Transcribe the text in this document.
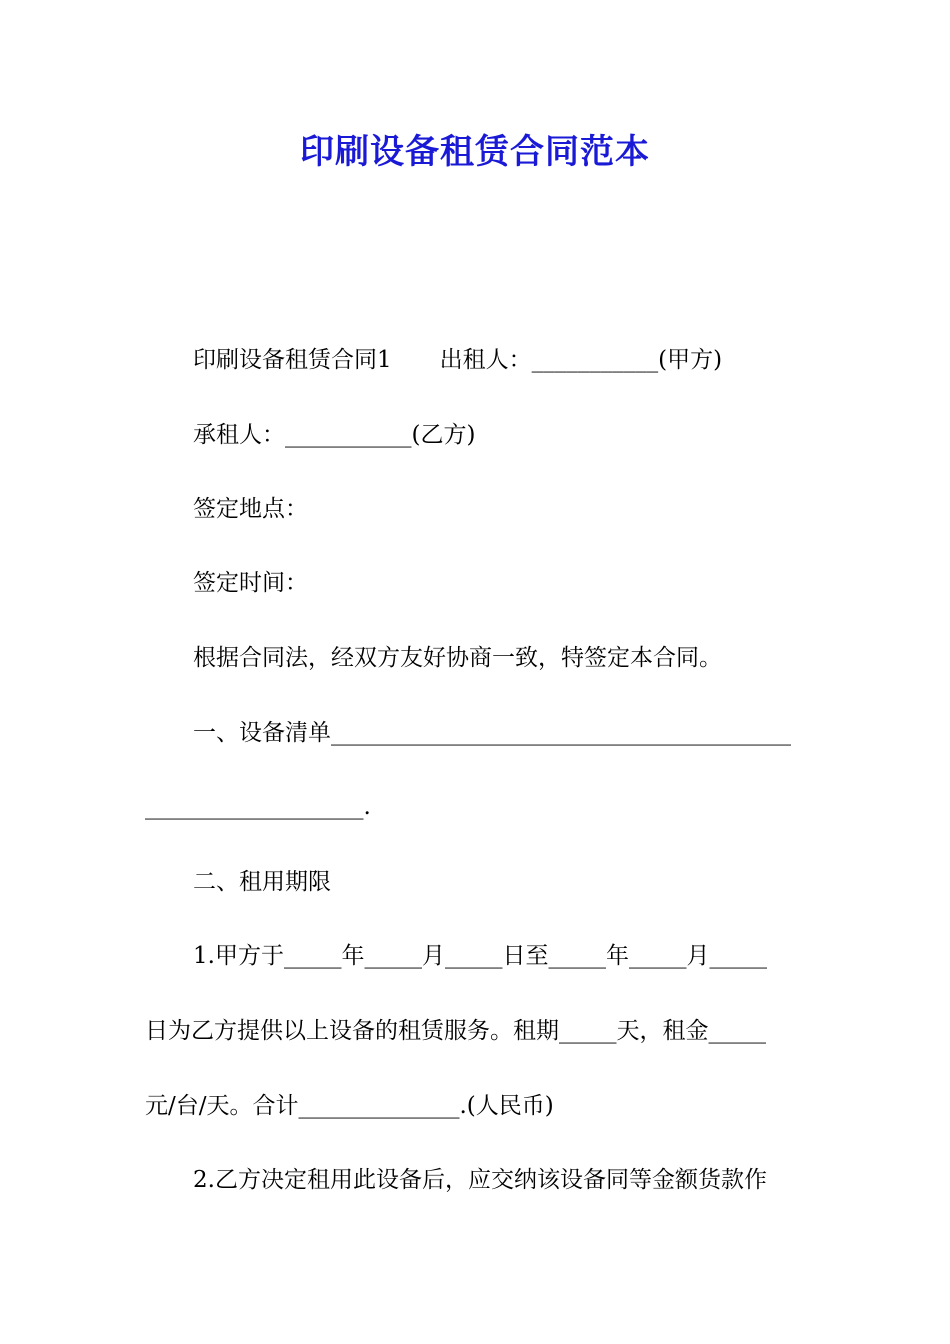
印刷设备租赁合同范本
印刷设备租赁合同1 出租人：___________(甲方)
承租人：___________(乙方)
签定地点：
签定时间：
根据合同法，经双方友好协商一致，特签定本合同。
一、设备清单________________________________________
___________________.
二、租用期限
1.甲方于_____年_____月_____日至_____年_____月_____
日为乙方提供以上设备的租赁服务。租期_____天，租金_____
元/台/天。合计______________.(人民币)
2.乙方决定租用此设备后，应交纳该设备同等金额货款作
